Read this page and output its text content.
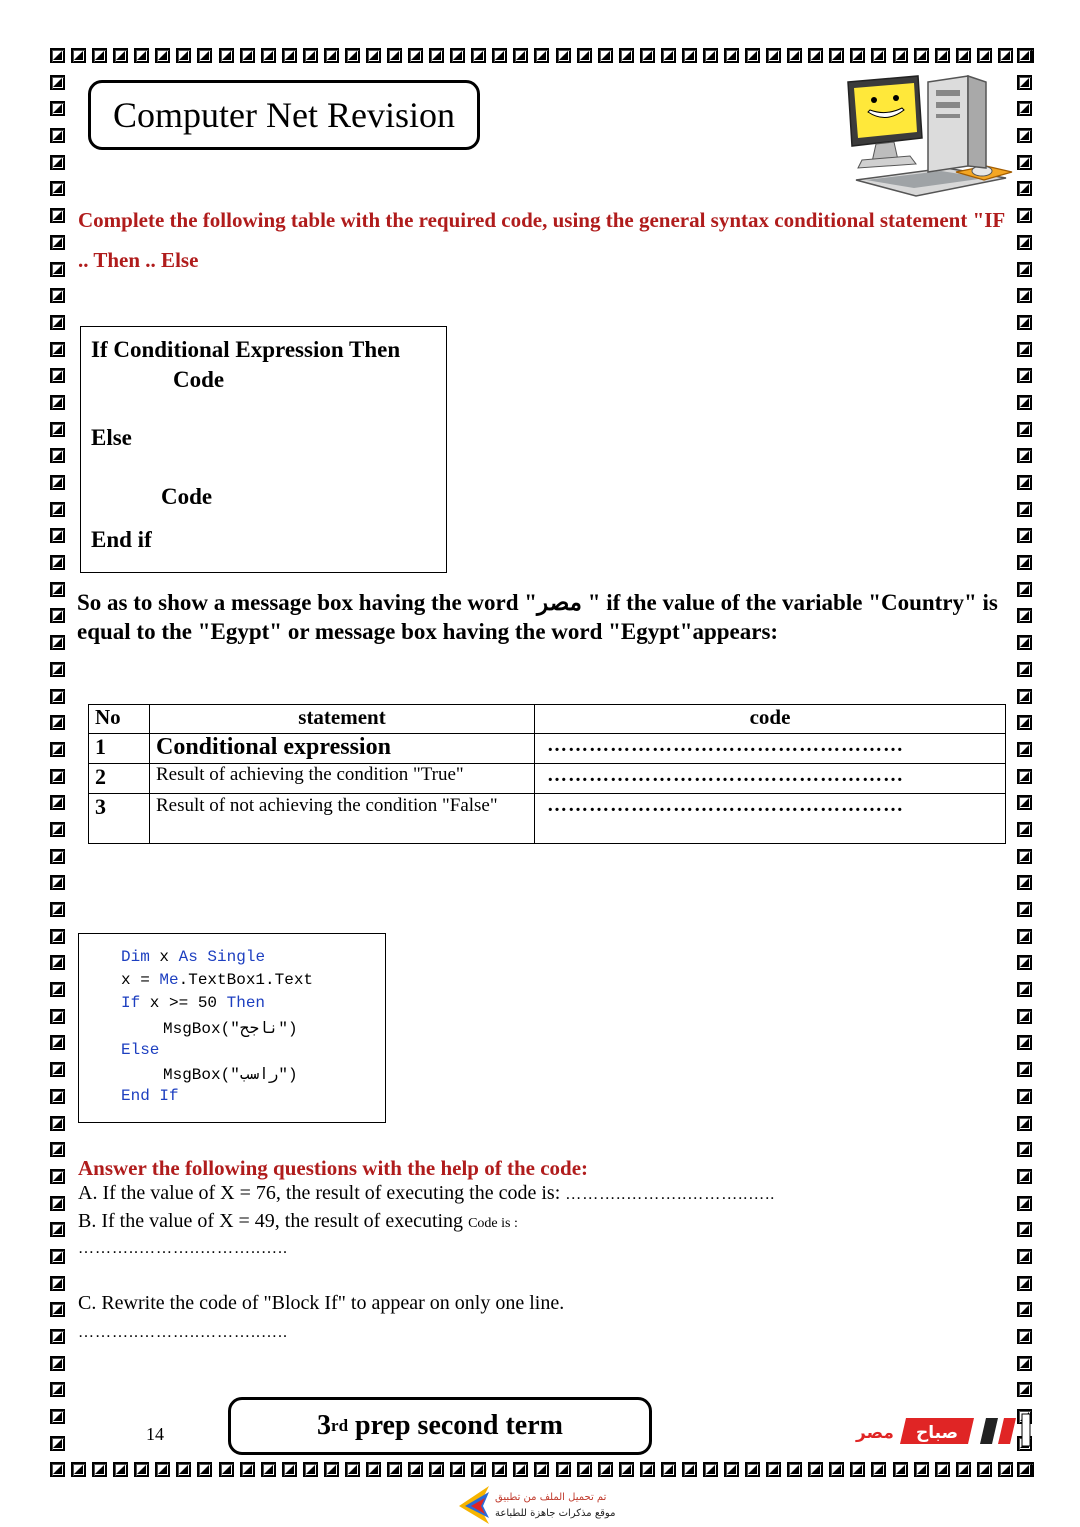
Computer Net Revision
Complete the following table with the required code, using the general syntax conditional statement "IF .. Then .. Else
If Conditional Expression Then
Code
Else
Code
End if
So as to show a message box having the word "مصر " if the value of the variable "Country" is equal to the "Egypt" or message box having the word "Egypt"appears:
No	statement	code
1	Conditional expression	……………………………………………
2	Result of achieving the condition "True"	……………………………………………
3	Result of not achieving the condition "False"	……………………………………………
Dim x As Single
x = Me.TextBox1.Text
If x >= 50 Then
MsgBox("ناجح")
Else
MsgBox("راسب")
End If
Answer the following questions with the help of the code:
A. If the value of X = 76, the result of executing the code is: ………..………..………..…..
B. If the value of X = 49, the result of executing Code is :
………..………..………..…..
C. Rewrite the code of "Block If" to appear on only one line.
………..………..………..…..
14	3 rd prep second term	مصر صباح
تم تحميل الملف من تطبيق
موقع مذكرات جاهزة للطباعة
